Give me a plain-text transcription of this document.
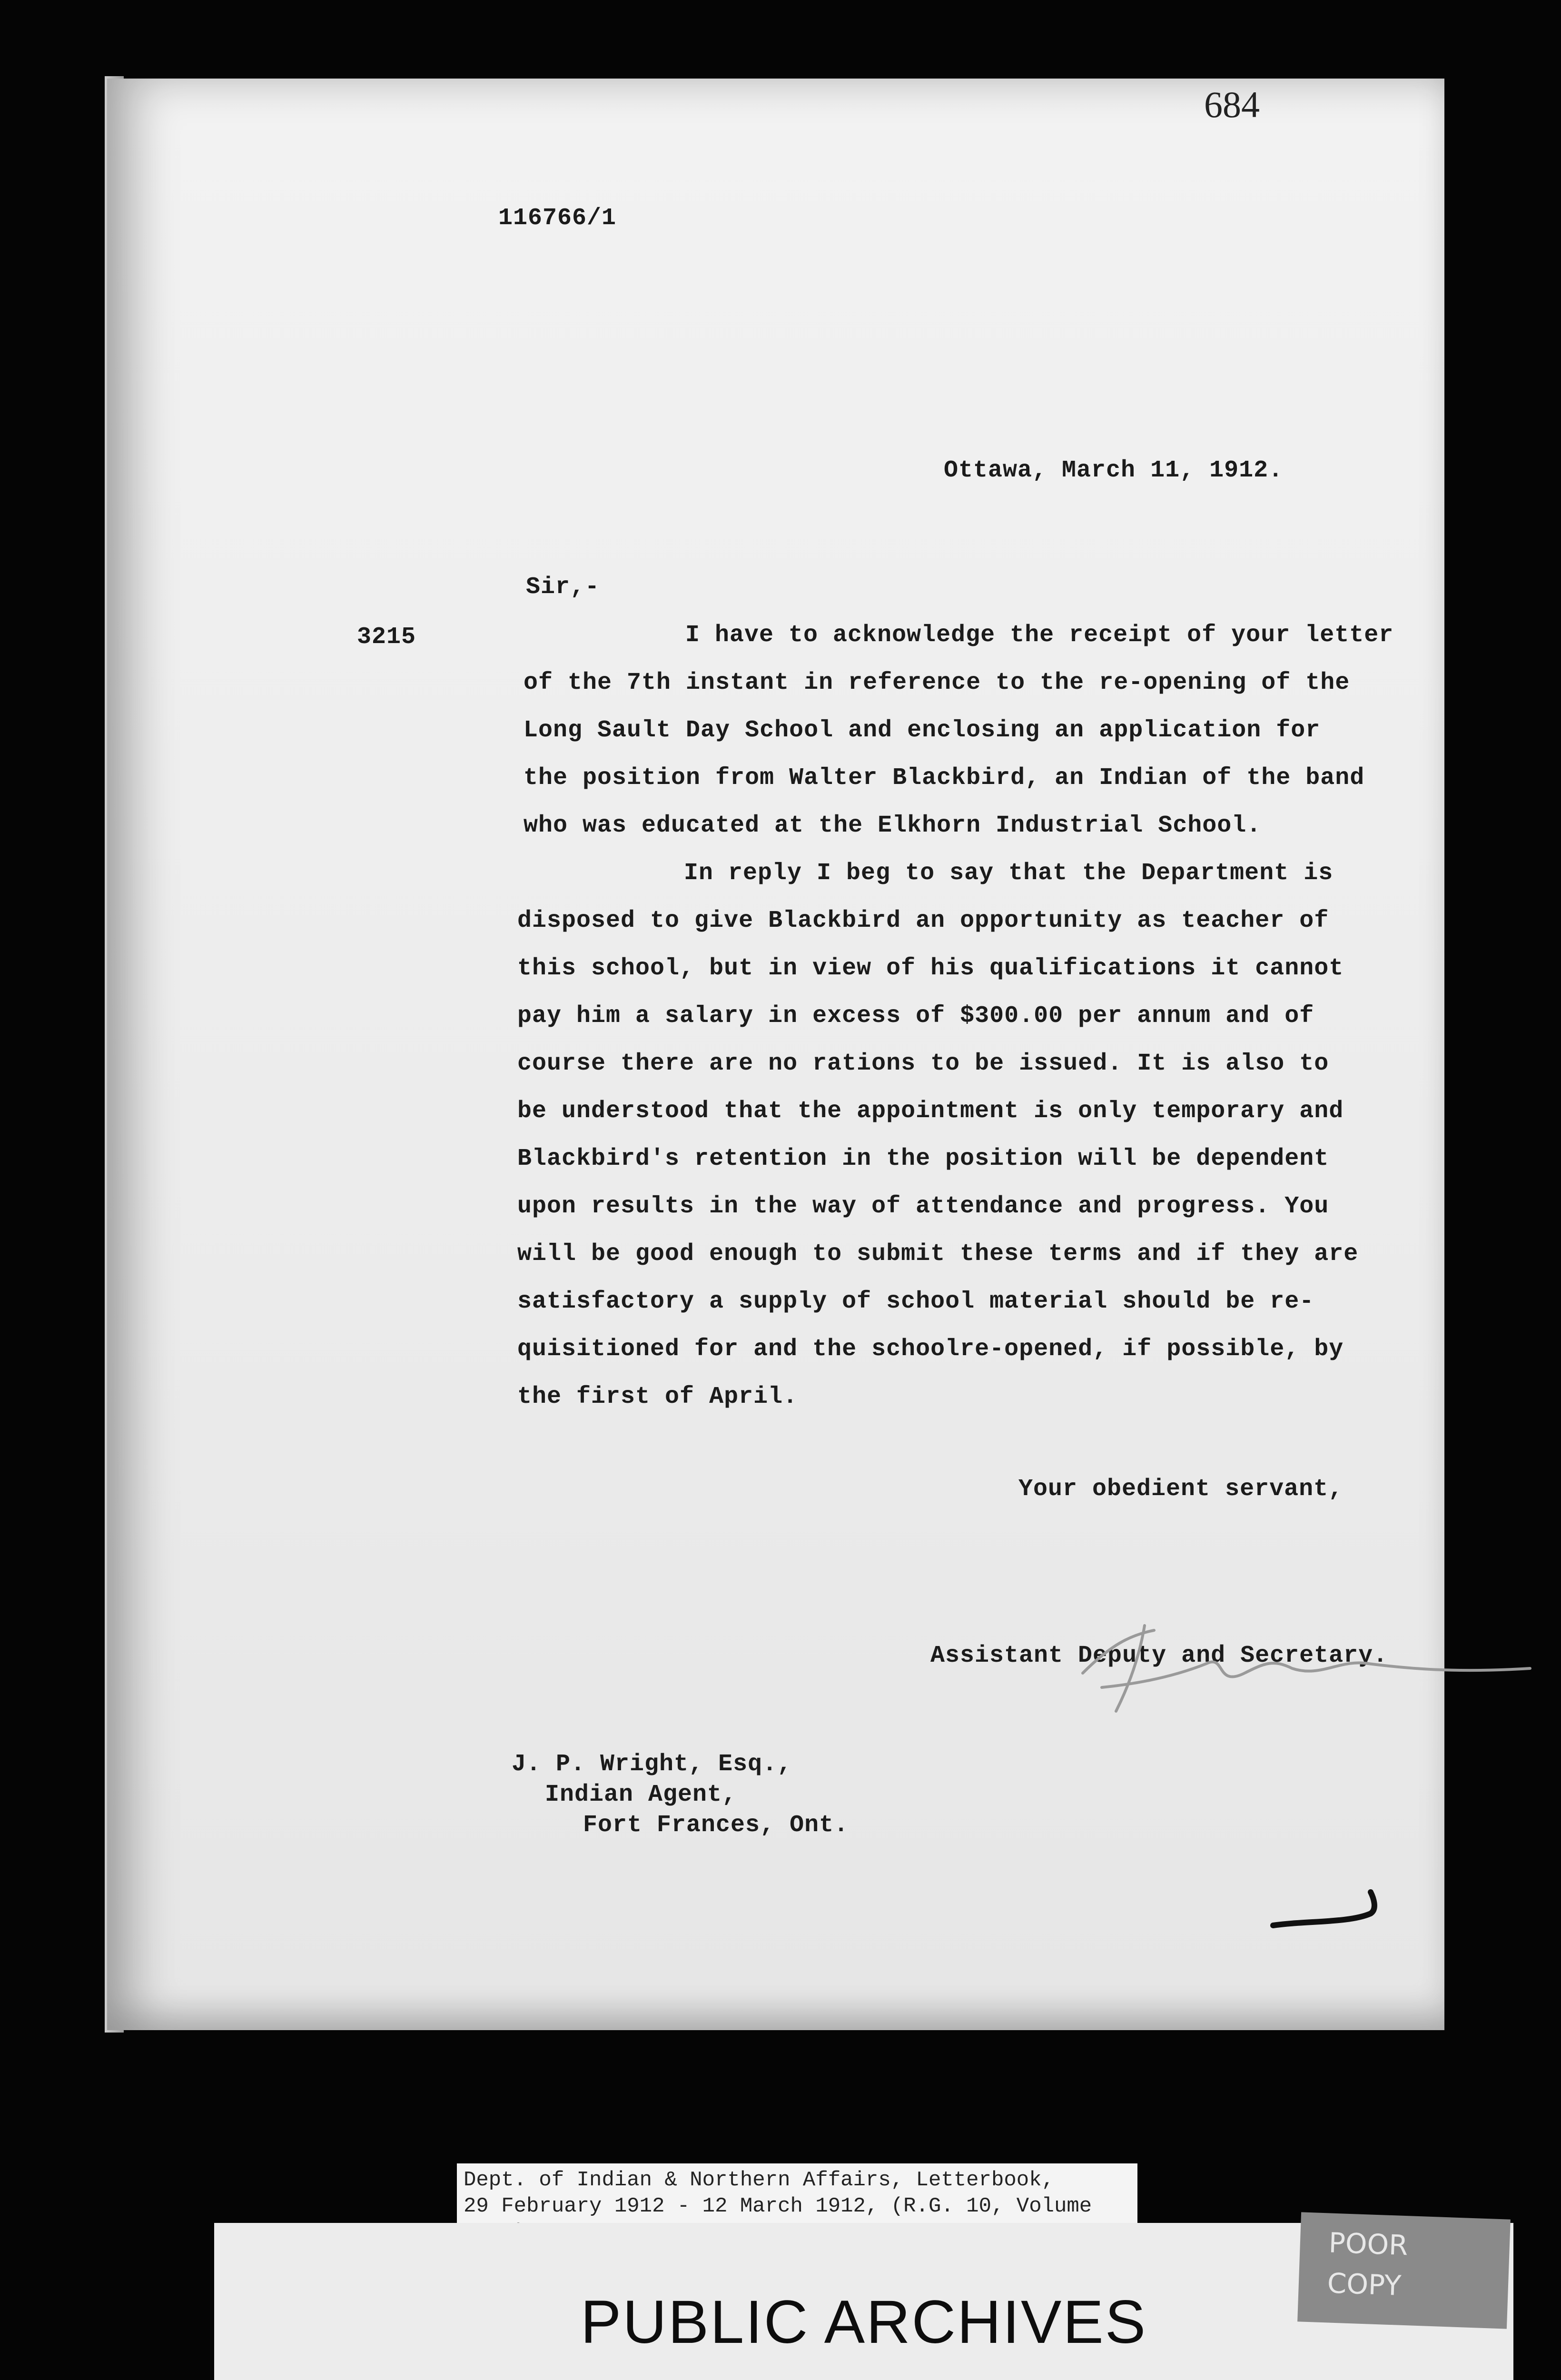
684
116766/1
Ottawa, March 11, 1912.
Sir,-
3215	I have to acknowledge the receipt of your letter
of the 7th instant in reference to the re-opening of the
Long Sault Day School and enclosing an application for
the position from Walter Blackbird, an Indian of the band
who was educated at the Elkhorn Industrial School.
In reply I beg to say that the Department is
disposed to give Blackbird an opportunity as teacher of
this school, but in view of his qualifications it cannot
pay him a salary in excess of $300.00 per annum and of
course there are no rations to be issued. It is also to
be understood that the appointment is only temporary and
Blackbird's retention in the position will be dependent
upon results in the way of attendance and progress. You
will be good enough to submit these terms and if they are
satisfactory a supply of school material should be re-
quisitioned for and the schoolre-opened, if possible, by
the first of April.
Your obedient servant,
Assistant Deputy and Secretary.
J. P. Wright, Esq.,
Indian Agent,
Fort Frances, Ont.
Dept. of Indian & Northern Affairs, Letterbook,
29 February 1912 - 12 March 1912, (R.G. 10, Volume
PUBLIC ARCHIVES
POOR
COPY
